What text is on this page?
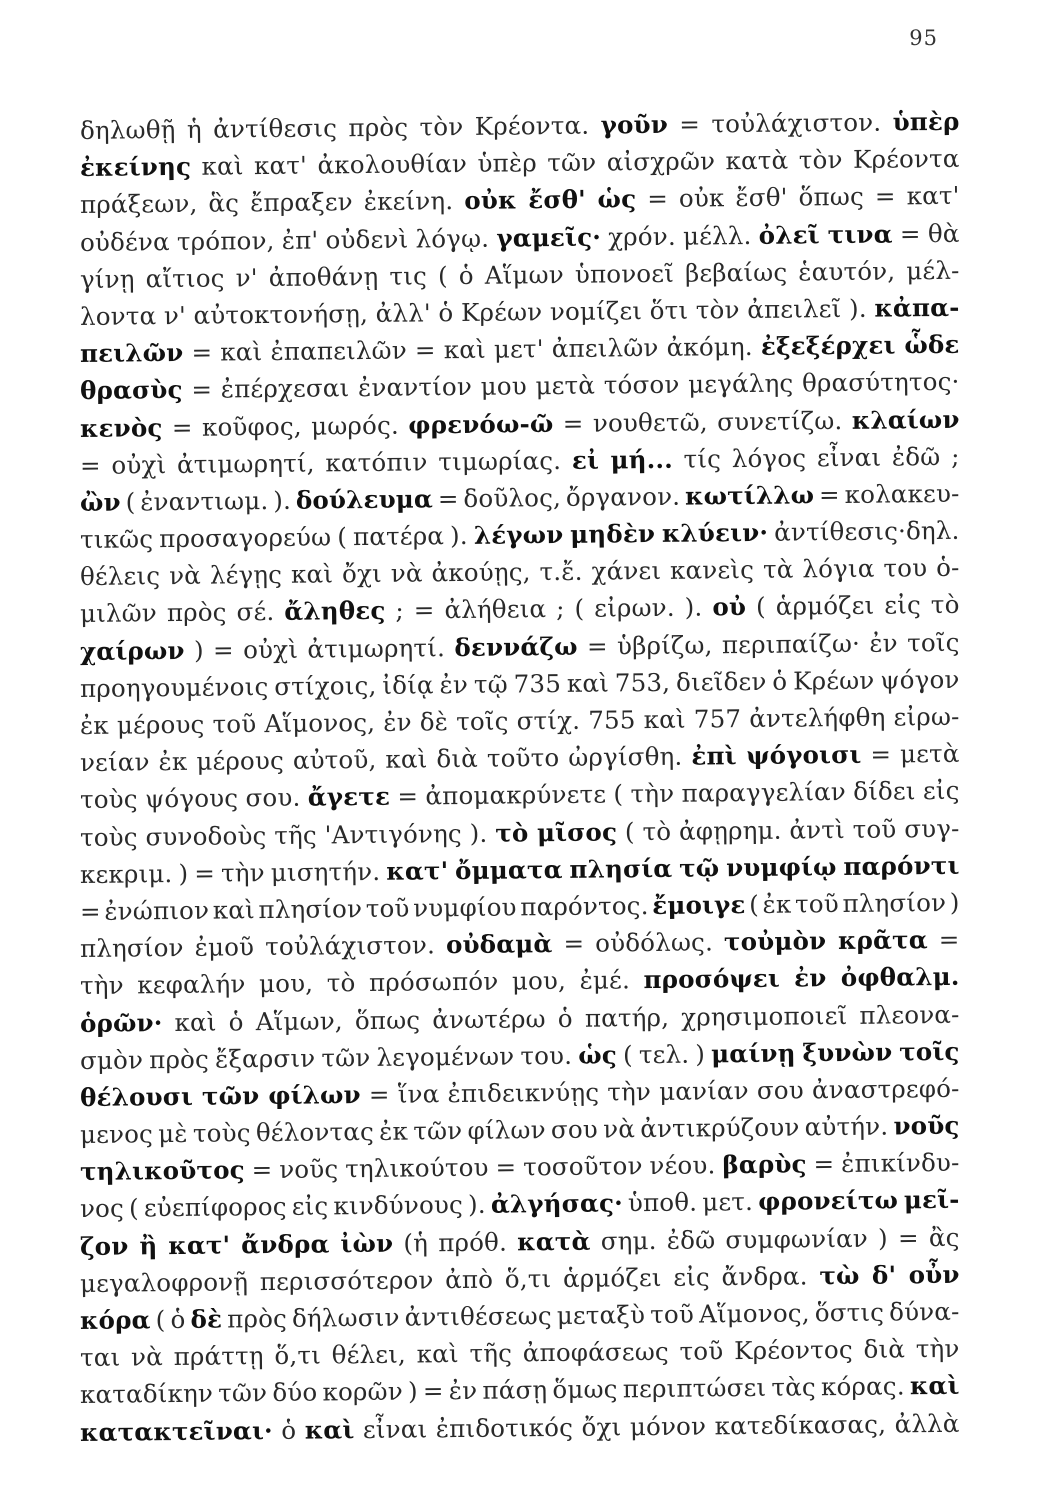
95
δηλωθῇ ἡ ἀντίθεσις πρὸς τὸν Κρέοντα. γοῦν = τοὐλάχιστον. ὑπὲρ
ἐκείνης καὶ κατ' ἀκολουθίαν ὑπὲρ τῶν αἰσχρῶν κατὰ τὸν Κρέοντα
πράξεων, ἃς ἔπραξεν ἐκείνη. οὐκ ἔσθ' ὡς = οὐκ ἔσθ' ὅπως = κατ'
οὐδένα τρόπον, ἐπ' οὐδενὶ λόγῳ. γαμεῖς· χρόν. μέλλ. ὀλεῖ τινα = θὰ
γίνῃ αἴτιος ν' ἀποθάνῃ τις ( ὁ Αἵμων ὑπονοεῖ βεβαίως ἑαυτόν, μέλ-
λοντα ν' αὐτοκτονήσῃ, ἀλλ' ὁ Κρέων νομίζει ὅτι τὸν ἀπειλεῖ ). κἀπα-
πειλῶν = καὶ ἐπαπειλῶν = καὶ μετ' ἀπειλῶν ἀκόμη. ἐξεξέρχει ὧδε
θρασὺς = ἐπέρχεσαι ἐναντίον μου μετὰ τόσον μεγάλης θρασύτητος·
κενὸς = κοῦφος, μωρός. φρενόω-ῶ = νουθετῶ, συνετίζω. κλαίων
= οὐχὶ ἀτιμωρητί, κατόπιν τιμωρίας. εἰ μή... τίς λόγος εἶναι ἐδῶ ;
ὢν ( ἐναντιωμ. ). δούλευμα = δοῦλος, ὄργανον. κωτίλλω = κολακευ-
τικῶς προσαγορεύω ( πατέρα ). λέγων μηδὲν κλύειν· ἀντίθεσις·δηλ.
θέλεις νὰ λέγῃς καὶ ὄχι νὰ ἀκούῃς, τ.ἔ. χάνει κανεὶς τὰ λόγια του ὁ-
μιλῶν πρὸς σέ. ἄληθες ; = ἀλήθεια ; ( εἰρων. ). οὐ ( ἁρμόζει εἰς τὸ
χαίρων ) = οὐχὶ ἀτιμωρητί. δεννάζω = ὑβρίζω, περιπαίζω· ἐν τοῖς
προηγουμένοις στίχοις, ἰδίᾳ ἐν τῷ 735 καὶ 753, διεῖδεν ὁ Κρέων ψόγον
ἐκ μέρους τοῦ Αἵμονος, ἐν δὲ τοῖς στίχ. 755 καὶ 757 ἀντελήφθη εἰρω-
νείαν ἐκ μέρους αὐτοῦ, καὶ διὰ τοῦτο ὠργίσθη. ἐπὶ ψόγοισι = μετὰ
τοὺς ψόγους σου. ἄγετε = ἀπομακρύνετε ( τὴν παραγγελίαν δίδει εἰς
τοὺς συνοδοὺς τῆς 'Αντιγόνης ). τὸ μῖσος ( τὸ ἀφῃρημ. ἀντὶ τοῦ συγ-
κεκριμ. ) = τὴν μισητήν. κατ' ὄμματα πλησία τῷ νυμφίῳ παρόντι
= ἐνώπιον καὶ πλησίον τοῦ νυμφίου παρόντος. ἔμοιγε ( ἐκ τοῦ πλησίον )
πλησίον ἐμοῦ τοὐλάχιστον. οὐδαμὰ = οὐδόλως. τοὐμὸν κρᾶτα =
τὴν κεφαλήν μου, τὸ πρόσωπόν μου, ἐμέ. προσόψει ἐν ὀφθαλμ.
ὁρῶν· καὶ ὁ Αἵμων, ὅπως ἀνωτέρω ὁ πατήρ, χρησιμοποιεῖ πλεονα-
σμὸν πρὸς ἔξαρσιν τῶν λεγομένων του. ὡς ( τελ. ) μαίνῃ ξυνὼν τοῖς
θέλουσι τῶν φίλων = ἵνα ἐπιδεικνύῃς τὴν μανίαν σου ἀναστρεφό-
μενος μὲ τοὺς θέλοντας ἐκ τῶν φίλων σου νὰ ἀντικρύζουν αὐτήν. νοῦς
τηλικοῦτος = νοῦς τηλικούτου = τοσοῦτον νέου. βαρὺς = ἐπικίνδυ-
νος ( εὐεπίφορος εἰς κινδύνους ). ἀλγήσας· ὑποθ. μετ. φρονείτω μεῖ-
ζον ἢ κατ' ἄνδρα ἰὼν (ἡ πρόθ. κατὰ σημ. ἐδῶ συμφωνίαν ) = ἂς
μεγαλοφρονῇ περισσότερον ἀπὸ ὅ,τι ἁρμόζει εἰς ἄνδρα. τὼ δ' οὖν
κόρα ( ὁ δὲ πρὸς δήλωσιν ἀντιθέσεως μεταξὺ τοῦ Αἵμονος, ὅστις δύνα-
ται νὰ πράττῃ ὅ,τι θέλει, καὶ τῆς ἀποφάσεως τοῦ Κρέοντος διὰ τὴν
καταδίκην τῶν δύο κορῶν ) = ἐν πάσῃ ὅμως περιπτώσει τὰς κόρας. καὶ
κατακτεῖναι· ὁ καὶ εἶναι ἐπιδοτικός ὄχι μόνον κατεδίκασας, ἀλλὰ
